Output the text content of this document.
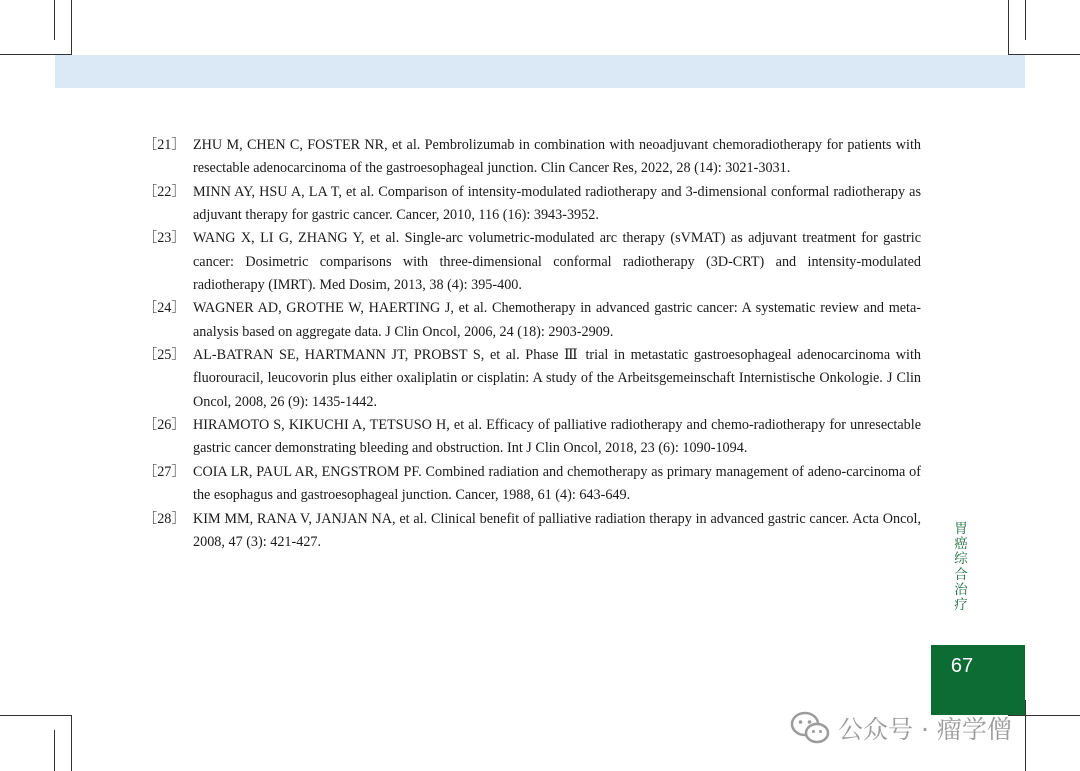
［21］ ZHU M, CHEN C, FOSTER NR, et al. Pembrolizumab in combination with neoadjuvant chemoradiotherapy for patients with resectable adenocarcinoma of the gastroesophageal junction. Clin Cancer Res, 2022, 28 (14): 3021-3031.
［22］ MINN AY, HSU A, LA T, et al. Comparison of intensity-modulated radiotherapy and 3-dimensional conformal radiotherapy as adjuvant therapy for gastric cancer. Cancer, 2010, 116 (16): 3943-3952.
［23］ WANG X, LI G, ZHANG Y, et al. Single-arc volumetric-modulated arc therapy (sVMAT) as adjuvant treatment for gastric cancer: Dosimetric comparisons with three-dimensional conformal radiotherapy (3D-CRT) and intensity-modulated radiotherapy (IMRT). Med Dosim, 2013, 38 (4): 395-400.
［24］ WAGNER AD, GROTHE W, HAERTING J, et al. Chemotherapy in advanced gastric cancer: A systematic review and meta-analysis based on aggregate data. J Clin Oncol, 2006, 24 (18): 2903-2909.
［25］ AL-BATRAN SE, HARTMANN JT, PROBST S, et al. Phase Ⅲ trial in metastatic gastroesophageal adenocarcinoma with fluorouracil, leucovorin plus either oxaliplatin or cisplatin: A study of the Arbeitsgemeinschaft Internistische Onkologie. J Clin Oncol, 2008, 26 (9): 1435-1442.
［26］ HIRAMOTO S, KIKUCHI A, TETSUSO H, et al. Efficacy of palliative radiotherapy and chemo-radiotherapy for unresectable gastric cancer demonstrating bleeding and obstruction. Int J Clin Oncol, 2018, 23 (6): 1090-1094.
［27］ COIA LR, PAUL AR, ENGSTROM PF. Combined radiation and chemotherapy as primary management of adeno-carcinoma of the esophagus and gastroesophageal junction. Cancer, 1988, 61 (4): 643-649.
［28］ KIM MM, RANA V, JANJAN NA, et al. Clinical benefit of palliative radiation therapy in advanced gastric cancer. Acta Oncol, 2008, 47 (3): 421-427.
胃癌综合治疗
67
公众号 · 瘤学僧
